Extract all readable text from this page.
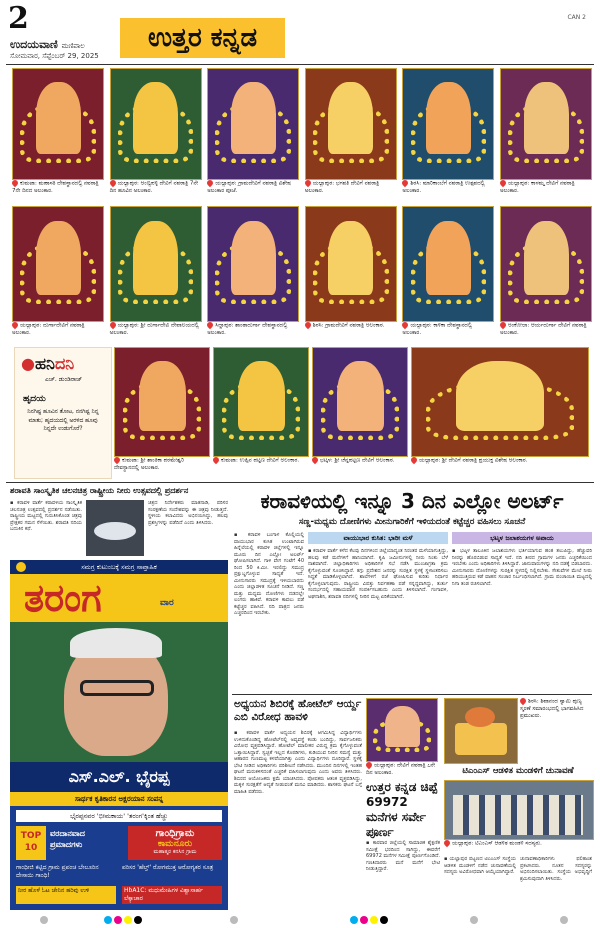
2
ಉದಯವಾಣಿ ಮಣಿಪಾಲ
ಸೋಮವಾರ, ಸೆಪ್ಟೆಂಬರ್ 29, 2025
ಉತ್ತರ ಕನ್ನಡ
CAN 2
ಕುಮಟಾ: ಮಹಾಸತಿ ದೇವಸ್ಥಾನದಲ್ಲಿ ನವರಾತ್ರಿ 7ನೇ ದಿನದ ಅಲಂಕಾರ.
ಯಲ್ಲಾಪುರ: ಅಂಬ್ಲಿಪಳ್ಳಿ ದೇವಿಗೆ ನವರಾತ್ರಿ 7ನೇ ದಿನ ಹೂವಿನ ಅಲಂಕಾರ.
ಯಲ್ಲಾಪುರ: ಗ್ರಾಮದೇವಿಗೆ ನವರಾತ್ರಿ ವಿಶೇಷ ಅಲಂಕಾರ ಪೂಜೆ.
ಯಲ್ಲಾಪುರ: ಭಗವತಿ ದೇವಿಗೆ ನವರಾತ್ರಿ ಅಲಂಕಾರ.
ಶಿರಸಿ: ಮಾರಿಕಾಂಬೆಗೆ ನವರಾತ್ರಿ ಉತ್ಸವದಲ್ಲಿ ಅಲಂಕಾರ.
ಯಲ್ಲಾಪುರ: ಕಾಳಮ್ಮ ದೇವಿಗೆ ನವರಾತ್ರಿ ಅಲಂಕಾರ.
ಯಲ್ಲಾಪುರ: ದುರ್ಗಾದೇವಿಗೆ ನವರಾತ್ರಿ ಅಲಂಕಾರ.
ಯಲ್ಲಾಪುರ: ಶ್ರೀ ದುರ್ಗಾದೇವಿ ದೇವಾಲಯದಲ್ಲಿ ಅಲಂಕಾರ.
ಸಿದ್ದಾಪುರ: ಶಾಂತಾದುರ್ಗಾ ದೇವಸ್ಥಾನದಲ್ಲಿ ಅಲಂಕಾರ.
ಶಿರಸಿ: ಗ್ರಾಮದೇವಿಗೆ ನವರಾತ್ರಿ ಅಲಂಕಾರ.	ಯಲ್ಲಾಪುರ: ಕಾಳಿಕಾ ದೇವಸ್ಥಾನದಲ್ಲಿ ಅಲಂಕಾರ.
ಅಂಕೋಲಾ: ಆರ್ಯದುರ್ಗಾ ದೇವಿಗೆ ನವರಾತ್ರಿ ಅಲಂಕಾರ.
●ಹನಿದನಿ
ಎಚ್. ಡುಂಡಿರಾಜ್
ಹೃದಯ
ನಿನಗಿಷ್ಟ ಹೂವಿನ ತೋಟ, ನನಗಿಷ್ಟ ನಿನ್ನ ಮಾತು; ಹೃದಯದಲ್ಲಿ ಅರಳಿದ ಹೂವು ನಿನ್ನದೇ ಉಡುಗೊರೆ?
ಕುಮಟಾ: ಶ್ರೀ ಶಾಂತಿಕಾ ಪರಮೇಶ್ವರಿ ದೇವಸ್ಥಾನದಲ್ಲಿ ಅಲಂಕಾರ.
ಕುಮಟಾ: ಉಪ್ಪಿನ ಪಟ್ಟಣ ದೇವಿಗೆ ಅಲಂಕಾರ.	ಭಟ್ಕಳ: ಶ್ರೀ ಚೆನ್ನಪಟ್ಟಣ ದೇವಿಗೆ ಅಲಂಕಾರ.	ಯಲ್ಲಾಪುರ: ಶ್ರೀ ದೇವಿಗೆ ನವರಾತ್ರಿ ಪ್ರಯುಕ್ತ ವಿಶೇಷ ಅಲಂಕಾರ.
ಶರಾವತಿ ಸಾಂಸ್ಕೃತಿಕ ಚಲನಚಿತ್ರ ರಾಷ್ಟ್ರೀಯ ನೀರು ಉತ್ಸವದಲ್ಲಿ ಪ್ರದರ್ಶನ
▪ ಕರಾವಳಿ ವಾರ್ತೆ ಕರಾವಳಿಯ ಸಾಂಸ್ಕೃತಿಕ ಚಲನಚಿತ್ರ ಉತ್ಸವದಲ್ಲಿ ಪ್ರದರ್ಶನ ನಡೆಯಿತು. ರಾಷ್ಟ್ರೀಯ ಮಟ್ಟದಲ್ಲಿ ಗುರುತಿಸಿಕೊಂಡ ಚಿತ್ರವು ಪ್ರೇಕ್ಷಕರ ಗಮನ ಸೆಳೆಯಿತು. ಶರಾವತಿ ನದಿಯ ಬದುಕಿನ ಕಥೆ.
ಚಿತ್ರದ ನಿರ್ದೇಶಕರು ಮಾತನಾಡಿ, ಪರಿಸರ ಸಂರಕ್ಷಣೆಯ ಸಂದೇಶವನ್ನು ಈ ಚಿತ್ರವು ನೀಡುತ್ತದೆ. ಸ್ಥಳೀಯ ಕಲಾವಿದರು ಅಭಿನಯಿಸಿದ್ದು, ಹಲವು ಪ್ರಶಸ್ತಿಗಳನ್ನು ಪಡೆದಿದೆ ಎಂದು ತಿಳಿಸಿದರು.
ಸಮಗ್ರ ಕುಟುಂಬಕ್ಕೆ ಸಮಗ್ರ ಸಾಪ್ತಾಹಿಕ
ತರಂಗ	ವಾರ
ಎಸ್.ಎಲ್. ಭೈರಪ್ಪ
ಸಾರ್ಥಕ ಕೃತಿಕಾರನ ಅಕ್ಷರಯಾನ ಸಂಪನ್ನ
ಭೈರಪ್ಪನವರ 'ಭೀಮಕಾಯ' 'ತರಂಗ'ಕ್ಕಿಂತ ಹೆಚ್ಚು
TOP 10
ವರದಾನವಾದ ಪ್ರಮಾದಗಳು
ಗಾಂಧಿಗ್ರಾಮ
ಕಾಮನೂರು
ಮಹಾತ್ಮರ ಕನಸಿನ ಗ್ರಾಮ
ಗಾಂಧೀಜಿ ಕಟ್ಟಿದ ಗ್ರಾಮ ಪ್ರಪಂಚ ಬೇಲೂರಿನ ದೇಸಾಯಿ ಗಾಂಧಿ!
ಪರಿಸರ 'ಹೆಲ್ತ್' ರೋಗಮುಕ್ತ ಆರೋಗ್ಯಕರ ಸೂತ್ರ
ನೀರ ಹೊಳೆ ಓಟ ಜೇನಿನ ಹರಿವು ಉಳಿ	HbA1C: ಮಧುಮೇಹಿಗಳ ವಿಶ್ವಾಸಾರ್ಹ ಲೆಕ್ಕಾಚಾರ
ಕರಾವಳಿಯಲ್ಲಿ ಇನ್ನೂ 3 ದಿನ ಎಲ್ಲೋ ಅಲರ್ಟ್
ಸಣ್ಣ-ಮಧ್ಯಮ ದೋಣಿಗಳು ಮೀನುಗಾರಿಕೆಗೆ ಇಳಿಯದಂತೆ ಕಟ್ಟೆಚ್ಚರ ವಹಿಸಲು ಸೂಚನೆ
▪ ಕರಾವಳಿ ಬಂಗಾಳ ಕೊಲ್ಲಿಯಲ್ಲಿ ವಾಯುಭಾರ ಕುಸಿತ ಉಂಟಾಗಿರುವ ಹಿನ್ನೆಲೆಯಲ್ಲಿ ಕರಾವಳಿ ಜಿಲ್ಲೆಗಳಲ್ಲಿ ಇನ್ನೂ ಮೂರು ದಿನ ಎಲ್ಲೋ ಅಲರ್ಟ್ ಘೋಷಿಸಲಾಗಿದೆ. ಗಾಳಿ ವೇಗ ಗಂಟೆಗೆ 40 ರಿಂದ 50 ಕಿ.ಮೀ. ಇರಲಿದ್ದು ಸಮುದ್ರ ಪ್ರಕ್ಷುಬ್ಧಗೊಳ್ಳುವ ಸಾಧ್ಯತೆ ಇದೆ. ಮೀನುಗಾರರು ಸಮುದ್ರಕ್ಕೆ ಇಳಿಯಬಾರದು ಎಂದು ಜಿಲ್ಲಾಡಳಿತ ಸೂಚನೆ ನೀಡಿದೆ. ಸಣ್ಣ ಮತ್ತು ಮಧ್ಯಮ ದೋಣಿಗಳು ದಡದಲ್ಲೇ ಲಂಗರು ಹಾಕಿವೆ. ಕರಾವಳಿ ಕಾವಲು ಪಡೆ ಕಟ್ಟೆಚ್ಚರ ವಹಿಸಿದೆ. ನದಿ ಪಾತ್ರದ ಜನರು ಎಚ್ಚರದಿಂದ ಇರಬೇಕು.
ವಾಯುಭಾರ ಕುಸಿತ: ಭಾರೀ ಮಳೆ
▪ ಕರಾವಳಿ ವಾರ್ತೆ ಕಳೆದ ಕೆಲವು ದಿನಗಳಿಂದ ಜಿಲ್ಲೆಯಾದ್ಯಂತ ನಿರಂತರ ಮಳೆಯಾಗುತ್ತಿದ್ದು, ಹಲವು ಕಡೆ ಮನೆಗಳಿಗೆ ಹಾನಿಯಾಗಿದೆ. ಕೃಷಿ ಜಮೀನುಗಳಲ್ಲಿ ನೀರು ನಿಂತು ಬೆಳೆ ನಾಶವಾಗಿದೆ. ಜಿಲ್ಲಾಧಿಕಾರಿಗಳು ಅಧಿಕಾರಿಗಳ ಸಭೆ ನಡೆಸಿ ಮುಂಜಾಗ್ರತಾ ಕ್ರಮ ಕೈಗೊಳ್ಳುವಂತೆ ಸೂಚಿಸಿದ್ದಾರೆ. ತಗ್ಗು ಪ್ರದೇಶದ ಜನರನ್ನು ಸುರಕ್ಷಿತ ಸ್ಥಳಕ್ಕೆ ಸ್ಥಳಾಂತರಿಸಲು ಸಿದ್ಧತೆ ಮಾಡಿಕೊಳ್ಳಲಾಗಿದೆ. ಶಾಲೆಗಳಿಗೆ ರಜೆ ಘೋಷಿಸುವ ಕುರಿತು ನಿರ್ಧಾರ ಕೈಗೊಳ್ಳಲಾಗುವುದು. ರಾಷ್ಟ್ರೀಯ ವಿಪತ್ತು ನಿರ್ವಹಣಾ ಪಡೆ ಸನ್ನದ್ಧವಾಗಿದ್ದು, ತುರ್ತು ಸಂದರ್ಭದಲ್ಲಿ ಸಹಾಯವಾಣಿ ಸಂಪರ್ಕಿಸಬಹುದು ಎಂದು ತಿಳಿಸಲಾಗಿದೆ. ಗಂಗಾವಳಿ, ಅಘನಾಶಿನಿ, ಶರಾವತಿ ನದಿಗಳಲ್ಲಿ ನೀರಿನ ಮಟ್ಟ ಏರಿಕೆಯಾಗಿದೆ.
ಭಟ್ಕಳ ಜಲಾಶಯಗಳ ಅಪಾಯ
▪ ಭಟ್ಕಳ ತಾಲೂಕಿನ ಜಲಾಶಯಗಳು ಭರ್ತಿಯಾಗುವ ಹಂತ ತಲುಪಿದ್ದು, ಹೆಚ್ಚುವರಿ ನೀರನ್ನು ಹೊರಬಿಡುವ ಸಾಧ್ಯತೆ ಇದೆ. ನದಿ ತೀರದ ಗ್ರಾಮಗಳ ಜನರು ಎಚ್ಚರಿಕೆಯಿಂದ ಇರಬೇಕು ಎಂದು ಅಧಿಕಾರಿಗಳು ತಿಳಿಸಿದ್ದಾರೆ. ಜಾನುವಾರುಗಳನ್ನು ನದಿ ದಡಕ್ಕೆ ಬಿಡಬಾರದು. ಮೀನುಗಾರರು ದೋಣಿಗಳನ್ನು ಸುರಕ್ಷಿತ ಸ್ಥಳದಲ್ಲಿ ನಿಲ್ಲಿಸಬೇಕು. ಸೇತುವೆಗಳ ಮೇಲೆ ನೀರು ಹರಿಯುತ್ತಿರುವ ಕಡೆ ವಾಹನ ಸಂಚಾರ ನಿರ್ಬಂಧಿಸಲಾಗಿದೆ. ಗ್ರಾಮ ಪಂಚಾಯಿತಿ ಮಟ್ಟದಲ್ಲಿ ನಿಗಾ ತಂಡ ರಚಿಸಲಾಗಿದೆ.
ಅಧ್ಯಯನ ಶಿಬಿರಕ್ಕೆ ಹೋಟೆಲ್ ಆರ್ಯ್ದ ಎಬಿ ವಿರೋಧ ಹಾವಳಿ
▪ ಕರಾವಳಿ ವಾರ್ತೆ ಅಧ್ಯಯನ ಶಿಬಿರಕ್ಕೆ ಆಗಮಿಸಿದ್ದ ವಿದ್ಯಾರ್ಥಿಗಳು ಉಳಿದುಕೊಂಡಿದ್ದ ಹೋಟೆಲ್‌ನಲ್ಲಿ ಅವ್ಯವಸ್ಥೆ ಕಂಡು ಬಂದಿದ್ದು, ಸಾರ್ವಜನಿಕರು ವಿರೋಧ ವ್ಯಕ್ತಪಡಿಸಿದ್ದಾರೆ. ಹೋಟೆಲ್ ಮಾಲೀಕರ ವಿರುದ್ಧ ಕ್ರಮ ಕೈಗೊಳ್ಳುವಂತೆ ಒತ್ತಾಯಿಸಿದ್ದಾರೆ. ಸ್ವಚ್ಛತೆ ಇಲ್ಲದ ಕೊಠಡಿಗಳು, ಕುಡಿಯುವ ನೀರಿನ ಸಮಸ್ಯೆ ಮತ್ತು ಆಹಾರದ ಗುಣಮಟ್ಟ ಕಳಪೆಯಾಗಿತ್ತು ಎಂದು ವಿದ್ಯಾರ್ಥಿಗಳು ದೂರಿದ್ದಾರೆ. ಸ್ಥಳಕ್ಕೆ ಭೇಟಿ ನೀಡಿದ ಅಧಿಕಾರಿಗಳು ಪರಿಶೀಲನೆ ನಡೆಸಿದರು. ಮುಂದಿನ ದಿನಗಳಲ್ಲಿ ಇಂತಹ ಘಟನೆ ಮರುಕಳಿಸದಂತೆ ಎಚ್ಚರಿಕೆ ವಹಿಸಲಾಗುವುದು ಎಂದು ಅವರು ತಿಳಿಸಿದರು. ಶಿಬಿರದ ಆಯೋಜಕರು ಕ್ಷಮೆ ಯಾಚಿಸಿದರು. ಪೋಷಕರು ಆತಂಕ ವ್ಯಕ್ತಪಡಿಸಿದ್ದು, ಮಕ್ಕಳ ಸುರಕ್ಷತೆಗೆ ಆದ್ಯತೆ ನೀಡುವಂತೆ ಮನವಿ ಮಾಡಿದರು. ಶಾಸಕರು ಘಟನೆ ಬಗ್ಗೆ ಮಾಹಿತಿ ಪಡೆದರು.
ಯಲ್ಲಾಪುರ: ದೇವಿಗೆ ನವರಾತ್ರಿ ೭ನೇ ದಿನ ಅಲಂಕಾರ.
ಉತ್ತರ ಕನ್ನಡ ಚಿಪ್ಪೆ 69972 ಮನೆಗಳ ಸರ್ವೇ ಪೂರ್ಣ
▪ ಕಾರವಾರ ಜಿಲ್ಲೆಯಲ್ಲಿ ಸಾಮಾಜಿಕ ಶೈಕ್ಷಣಿಕ ಸಮೀಕ್ಷೆ ಭರದಿಂದ ಸಾಗಿದ್ದು, ಈವರೆಗೆ 69972 ಮನೆಗಳ ಸಮೀಕ್ಷೆ ಪೂರ್ಣಗೊಂಡಿದೆ. ಗಣತಿದಾರರು ಮನೆ ಮನೆಗೆ ಭೇಟಿ ನೀಡುತ್ತಿದ್ದಾರೆ.
ಶಿರಸಿ: ಶಿವಾನಂದ ಸ್ವಾಮಿ ಪುಣ್ಯ ಸ್ಮರಣೆ ಸಮಾರಂಭದಲ್ಲಿ ಭಾಗವಹಿಸಿದ ಪ್ರಮುಖರು.
ಟಿಎಂಎಸ್ ಆಡಳಿತ ಮಂಡಳಿಗೆ ಚುನಾವಣೆ
ಯಲ್ಲಾಪುರ: ಟಿಎಂಎಸ್ ಆಡಳಿತ ಮಂಡಳಿ ಸದಸ್ಯರು.
▪ ಯಲ್ಲಾಪುರ ಪಟ್ಟಣದ ಟಿಎಂಎಸ್ ಸಂಸ್ಥೆಯ ಆಡಳಿತ ಮಂಡಳಿಗೆ ನಡೆದ ಚುನಾವಣೆಯಲ್ಲಿ ಸದಸ್ಯರು ಅವಿರೋಧವಾಗಿ ಆಯ್ಕೆಯಾಗಿದ್ದಾರೆ.
ಚುನಾವಣಾಧಿಕಾರಿಗಳು ಫಲಿತಾಂಶ ಪ್ರಕಟಿಸಿದರು. ನೂತನ ಸದಸ್ಯರನ್ನು ಅಭಿನಂದಿಸಲಾಯಿತು. ಸಂಸ್ಥೆಯ ಅಭಿವೃದ್ಧಿಗೆ ಶ್ರಮಿಸುವುದಾಗಿ ತಿಳಿಸಿದರು.
